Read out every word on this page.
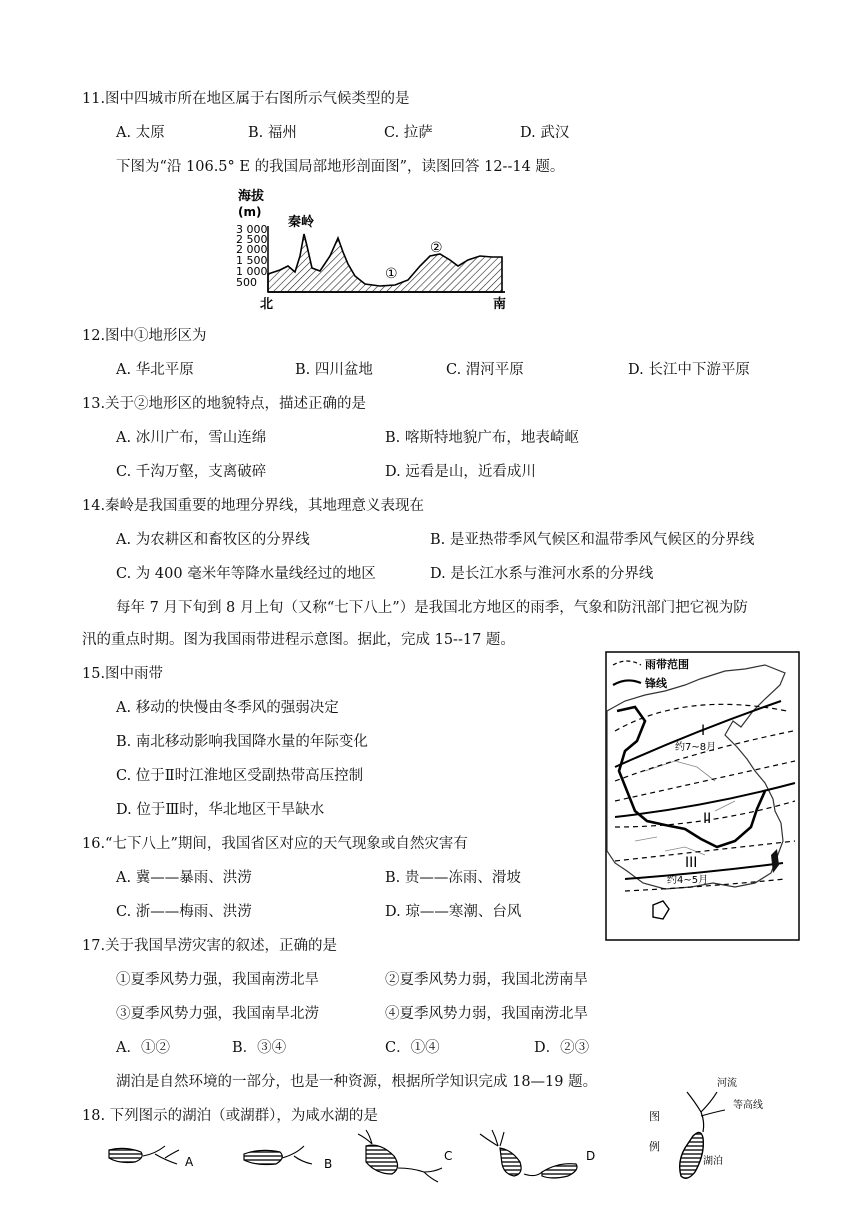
11.图中四城市所在地区属于右图所示气候类型的是
A. 太原	B. 福州	C. 拉萨	D. 武汉
下图为“沿 106.5° E 的我国局部地形剖面图”，读图回答 12--14 题。
海拔
(m)
3 000
2 500
2 000
1 500
1 000
500
秦岭
①
②
北	南
12.图中①地形区为
A. 华北平原	B. 四川盆地	C. 渭河平原	D. 长江中下游平原
13.关于②地形区的地貌特点，描述正确的是
A. 冰川广布，雪山连绵	B. 喀斯特地貌广布，地表崎岖
C. 千沟万壑，支离破碎	D. 远看是山，近看成川
14.秦岭是我国重要的地理分界线，其地理意义表现在
A. 为农耕区和畜牧区的分界线	B. 是亚热带季风气候区和温带季风气候区的分界线
C. 为 400 毫米年等降水量线经过的地区	D. 是长江水系与淮河水系的分界线
每年 7 月下旬到 8 月上旬（又称“七下八上”）是我国北方地区的雨季，气象和防汛部门把它视为防
汛的重点时期。图为我国雨带进程示意图。据此，完成 15--17 题。
15.图中雨带
A. 移动的快慢由冬季风的强弱决定
B. 南北移动影响我国降水量的年际变化
C. 位于Ⅱ时江淮地区受副热带高压控制
D. 位于Ⅲ时，华北地区干旱缺水
16.“七下八上”期间，我国省区对应的天气现象或自然灾害有
A. 冀——暴雨、洪涝	B. 贵——冻雨、滑坡
C. 浙——梅雨、洪涝	D. 琼——寒潮、台风
雨带范围
锋线
I
约7~8月
II
III
约4~5月
17.关于我国旱涝灾害的叙述，正确的是
①夏季风势力强，我国南涝北旱	②夏季风势力弱，我国北涝南旱
③夏季风势力强，我国南旱北涝	④夏季风势力弱，我国南涝北旱
A．①②	B．③④	C．①④	D．②③
湖泊是自然环境的一部分，也是一种资源，根据所学知识完成 18—19 题。
18. 下列图示的湖泊（或湖群），为咸水湖的是	图
例
河流
等高线
湖泊
A	B
C	D
